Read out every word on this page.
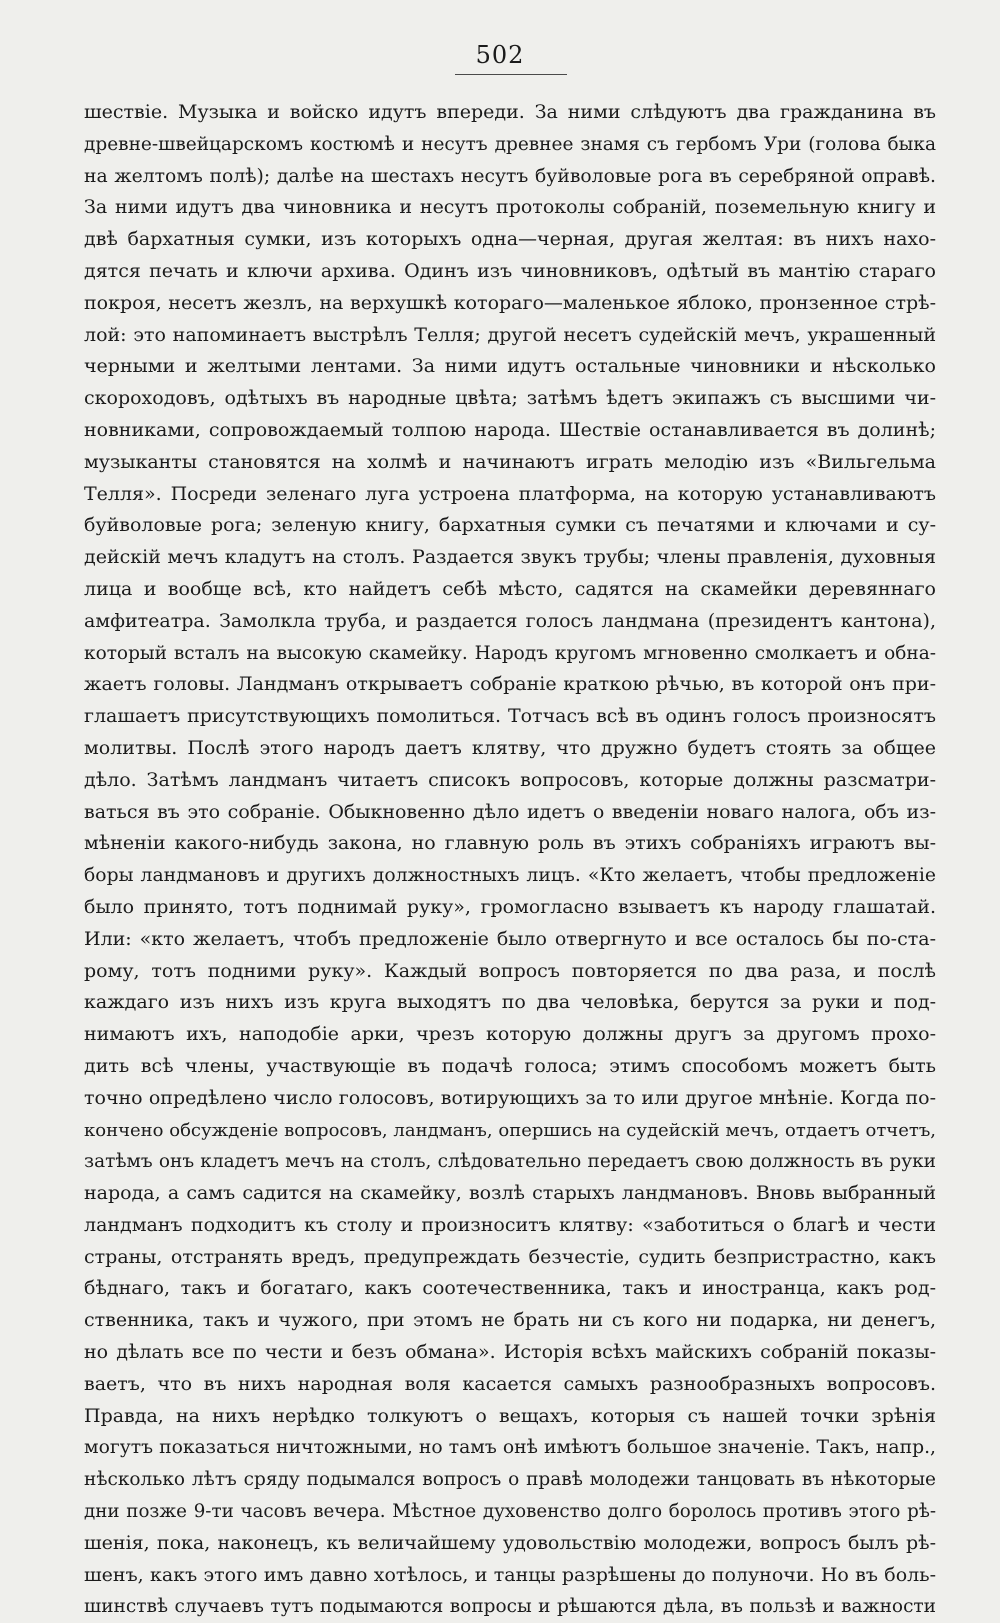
502
шествіе. Музыка и войско идутъ впереди. За ними слѣдуютъ два гражданина въ
древне-швейцарскомъ костюмѣ и несутъ древнее знамя съ гербомъ Ури (голова быка
на желтомъ полѣ); далѣе на шестахъ несутъ буйволовые рога въ серебряной оправѣ.
За ними идутъ два чиновника и несутъ протоколы собраній, поземельную книгу и
двѣ бархатныя сумки, изъ которыхъ одна—черная, другая желтая: въ нихъ нахо-
дятся печать и ключи архива. Одинъ изъ чиновниковъ, одѣтый въ мантію стараго
покроя, несетъ жезлъ, на верхушкѣ котораго—маленькое яблоко, пронзенное стрѣ-
лой: это напоминаетъ выстрѣлъ Телля; другой несетъ судейскій мечъ, украшенный
черными и желтыми лентами. За ними идутъ остальные чиновники и нѣсколько
скороходовъ, одѣтыхъ въ народные цвѣта; затѣмъ ѣдетъ экипажъ съ высшими чи-
новниками, сопровождаемый толпою народа. Шествіе останавливается въ долинѣ;
музыканты становятся на холмѣ и начинаютъ играть мелодію изъ «Вильгельма
Телля». Посреди зеленаго луга устроена платформа, на которую устанавливаютъ
буйволовые рога; зеленую книгу, бархатныя сумки съ печатями и ключами и су-
дейскій мечъ кладутъ на столъ. Раздается звукъ трубы; члены правленія, духовныя
лица и вообще всѣ, кто найдетъ себѣ мѣсто, садятся на скамейки деревяннаго
амфитеатра. Замолкла труба, и раздается голосъ ландмана (президентъ кантона),
который всталъ на высокую скамейку. Народъ кругомъ мгновенно смолкаетъ и обна-
жаетъ головы. Ландманъ открываетъ собраніе краткою рѣчью, въ которой онъ при-
глашаетъ присутствующихъ помолиться. Тотчасъ всѣ въ одинъ голосъ произносятъ
молитвы. Послѣ этого народъ даетъ клятву, что дружно будетъ стоять за общее
дѣло. Затѣмъ ландманъ читаетъ списокъ вопросовъ, которые должны разсматри-
ваться въ это собраніе. Обыкновенно дѣло идетъ о введеніи новаго налога, объ из-
мѣненіи какого-нибудь закона, но главную роль въ этихъ собраніяхъ играютъ вы-
боры ландмановъ и другихъ должностныхъ лицъ. «Кто желаетъ, чтобы предложеніе
было принято, тотъ поднимай руку», громогласно взываетъ къ народу глашатай.
Или: «кто желаетъ, чтобъ предложеніе было отвергнуто и все осталось бы по-ста-
рому, тотъ подними руку». Каждый вопросъ повторяется по два раза, и послѣ
каждаго изъ нихъ изъ круга выходятъ по два человѣка, берутся за руки и под-
нимаютъ ихъ, наподобіе арки, чрезъ которую должны другъ за другомъ прохо-
дить всѣ члены, участвующіе въ подачѣ голоса; этимъ способомъ можетъ быть
точно опредѣлено число голосовъ, вотирующихъ за то или другое мнѣніе. Когда по-
кончено обсужденіе вопросовъ, ландманъ, опершись на судейскій мечъ, отдаетъ отчетъ,
затѣмъ онъ кладетъ мечъ на столъ, слѣдовательно передаетъ свою должность въ руки
народа, а самъ садится на скамейку, возлѣ старыхъ ландмановъ. Вновь выбранный
ландманъ подходитъ къ столу и произноситъ клятву: «заботиться о благѣ и чести
страны, отстранять вредъ, предупреждать безчестіе, судить безпристрастно, какъ
бѣднаго, такъ и богатаго, какъ соотечественника, такъ и иностранца, какъ род-
ственника, такъ и чужого, при этомъ не брать ни съ кого ни подарка, ни денегъ,
но дѣлать все по чести и безъ обмана». Исторія всѣхъ майскихъ собраній показы-
ваетъ, что въ нихъ народная воля касается самыхъ разнообразныхъ вопросовъ.
Правда, на нихъ нерѣдко толкуютъ о вещахъ, которыя съ нашей точки зрѣнія
могутъ показаться ничтожными, но тамъ онѣ имѣютъ большое значеніе. Такъ, напр.,
нѣсколько лѣтъ сряду подымался вопросъ о правѣ молодежи танцовать въ нѣкоторые
дни позже 9-ти часовъ вечера. Мѣстное духовенство долго боролось противъ этого рѣ-
шенія, пока, наконецъ, къ величайшему удовольствію молодежи, вопросъ былъ рѣ-
шенъ, какъ этого имъ давно хотѣлось, и танцы разрѣшены до полуночи. Но въ боль-
шинствѣ случаевъ тутъ подымаются вопросы и рѣшаются дѣла, въ пользѣ и важности
